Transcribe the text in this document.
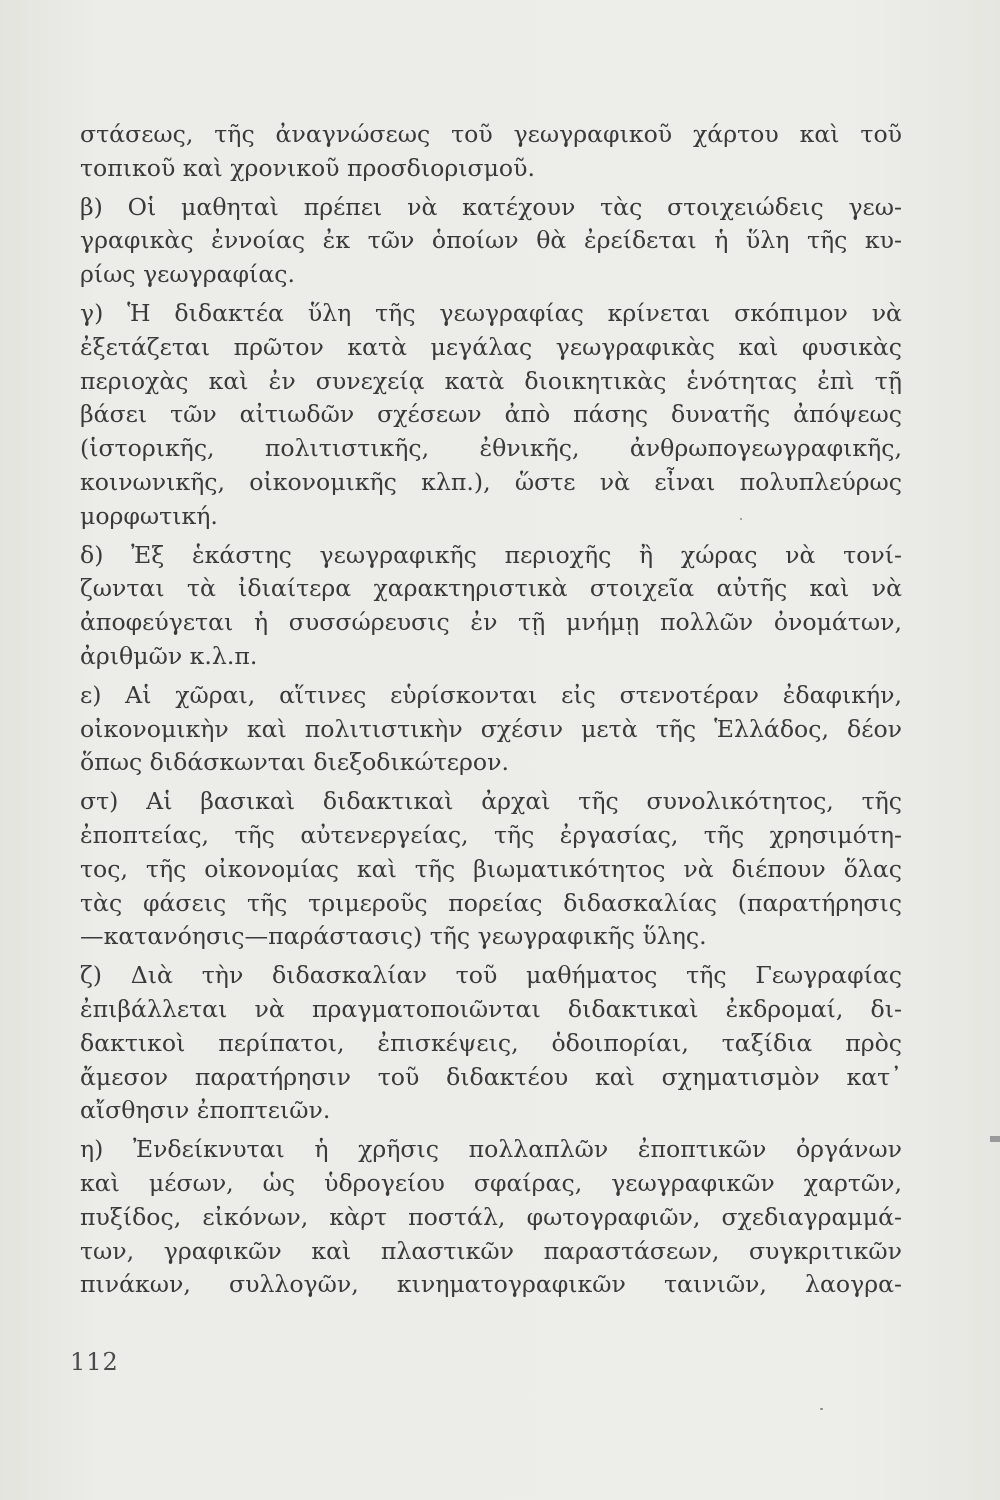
στάσεως, τῆς ἀναγνώσεως τοῦ γεωγραφικοῦ χάρτου καὶ τοῦ
τοπικοῦ καὶ χρονικοῦ προσδιορισμοῦ.
β) Οἱ μαθηταὶ πρέπει νὰ κατέχουν τὰς στοιχειώδεις γεω-
γραφικὰς ἐννοίας ἐκ τῶν ὁποίων θὰ ἐρείδεται ἡ ὕλη τῆς κυ-
ρίως γεωγραφίας.
γ) Ἡ διδακτέα ὕλη τῆς γεωγραφίας κρίνεται σκόπιμον νὰ
ἐξετάζεται πρῶτον κατὰ μεγάλας γεωγραφικὰς καὶ φυσικὰς
περιοχὰς καὶ ἐν συνεχείᾳ κατὰ διοικητικὰς ἑνότητας ἐπὶ τῇ
βάσει τῶν αἰτιωδῶν σχέσεων ἀπὸ πάσης δυνατῆς ἀπόψεως
(ἱστορικῆς, πολιτιστικῆς, ἐθνικῆς, ἀνθρωπογεωγραφικῆς,
κοινωνικῆς, οἰκονομικῆς κλπ.), ὥστε νὰ εἶναι πολυπλεύρως
μορφωτική.
δ) Ἐξ ἑκάστης γεωγραφικῆς περιοχῆς ἢ χώρας νὰ τονί-
ζωνται τὰ ἰδιαίτερα χαρακτηριστικὰ στοιχεῖα αὐτῆς καὶ νὰ
ἀποφεύγεται ἡ συσσώρευσις ἐν τῇ μνήμῃ πολλῶν ὀνομάτων,
ἀριθμῶν κ.λ.π.
ε) Αἱ χῶραι, αἵτινες εὑρίσκονται εἰς στενοτέραν ἐδαφικήν,
οἰκονομικὴν καὶ πολιτιστικὴν σχέσιν μετὰ τῆς Ἑλλάδος, δέον
ὅπως διδάσκωνται διεξοδικώτερον.
στ) Αἱ βασικαὶ διδακτικαὶ ἀρχαὶ τῆς συνολικότητος, τῆς
ἐποπτείας, τῆς αὐτενεργείας, τῆς ἐργασίας, τῆς χρησιμότη-
τος, τῆς οἰκονομίας καὶ τῆς βιωματικότητος νὰ διέπουν ὅλας
τὰς φάσεις τῆς τριμεροῦς πορείας διδασκαλίας (παρατήρησις
—κατανόησις—παράστασις) τῆς γεωγραφικῆς ὕλης.
ζ) Διὰ τὴν διδασκαλίαν τοῦ μαθήματος τῆς Γεωγραφίας
ἐπιβάλλεται νὰ πραγματοποιῶνται διδακτικαὶ ἐκδρομαί, δι-
δακτικοὶ περίπατοι, ἐπισκέψεις, ὁδοιπορίαι, ταξίδια πρὸς
ἄμεσον παρατήρησιν τοῦ διδακτέου καὶ σχηματισμὸν κατ᾽
αἴσθησιν ἐποπτειῶν.
η) Ἐνδείκνυται ἡ χρῆσις πολλαπλῶν ἐποπτικῶν ὀργάνων
καὶ μέσων, ὡς ὑδρογείου σφαίρας, γεωγραφικῶν χαρτῶν,
πυξίδος, εἰκόνων, κὰρτ ποστάλ, φωτογραφιῶν, σχεδιαγραμμά-
των, γραφικῶν καὶ πλαστικῶν παραστάσεων, συγκριτικῶν
πινάκων, συλλογῶν, κινηματογραφικῶν ταινιῶν, λαογρα-
112
